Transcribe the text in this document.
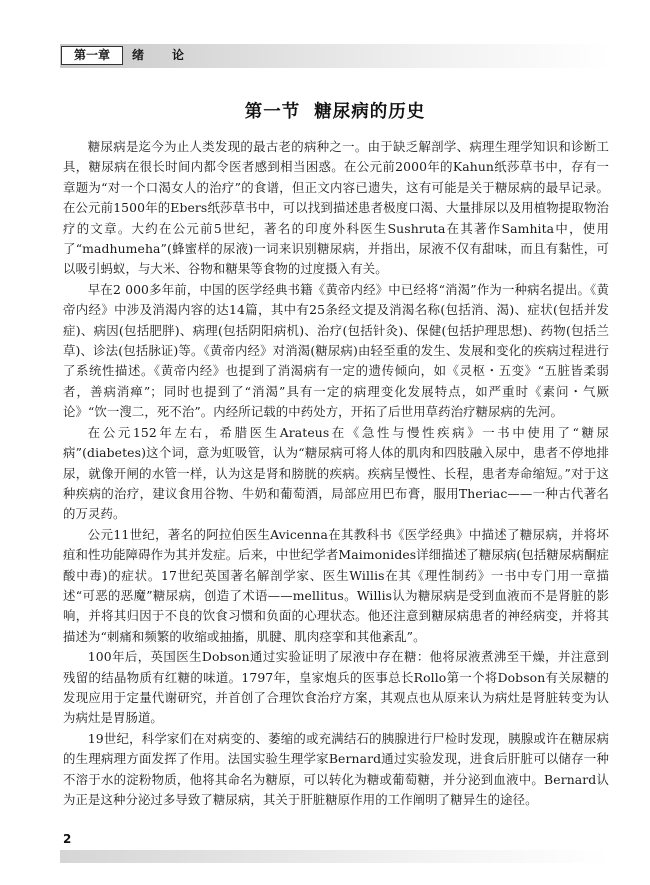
第一章	绪　论
第一节 糖尿病的历史

糖尿病是迄今为止人类发现的最古老的病种之一。由于缺乏解剖学、病理生理学知识和诊断工具，糖尿病在很长时间内都令医者感到相当困惑。在公元前2000年的Kahun纸莎草书中，存有一章题为“对一个口渴女人的治疗”的食谱，但正文内容已遗失，这有可能是关于糖尿病的最早记录。在公元前1500年的Ebers纸莎草书中，可以找到描述患者极度口渴、大量排尿以及用植物提取物治疗的文章。大约在公元前5世纪，著名的印度外科医生Sushruta在其著作Samhita中，使用了“madhumeha”(蜂蜜样的尿液)一词来识别糖尿病，并指出，尿液不仅有甜味，而且有黏性，可以吸引蚂蚁，与大米、谷物和糖果等食物的过度摄入有关。

早在2 000多年前，中国的医学经典书籍《黄帝内经》中已经将“消渴”作为一种病名提出。《黄帝内经》中涉及消渴内容的达14篇，其中有25条经文提及消渴名称(包括消、渴)、症状(包括并发症)、病因(包括肥胖)、病理(包括阴阳病机)、治疗(包括针灸)、保健(包括护理思想)、药物(包括兰草)、诊法(包括脉证)等。《黄帝内经》对消渴(糖尿病)由轻至重的发生、发展和变化的疾病过程进行了系统性描述。《黄帝内经》也提到了消渴病有一定的遗传倾向，如《灵枢・五变》“五脏皆柔弱者，善病消瘅”；同时也提到了“消渴”具有一定的病理变化发展特点，如严重时《素问・气厥论》“饮一溲二，死不治”。内经所记载的中药处方，开拓了后世用草药治疗糖尿病的先河。

在公元152年左右，希腊医生Arateus在《急性与慢性疾病》一书中使用了“糖尿病”(diabetes)这个词，意为虹吸管，认为“糖尿病可将人体的肌肉和四肢融入尿中，患者不停地排尿，就像开闸的水管一样，认为这是肾和膀胱的疾病。疾病呈慢性、长程，患者寿命缩短。”对于这种疾病的治疗，建议食用谷物、牛奶和葡萄酒，局部应用巴布膏，服用Theriac——一种古代著名的万灵药。

公元11世纪，著名的阿拉伯医生Avicenna在其教科书《医学经典》中描述了糖尿病，并将坏疽和性功能障碍作为其并发症。后来，中世纪学者Maimonides详细描述了糖尿病(包括糖尿病酮症酸中毒)的症状。17世纪英国著名解剖学家、医生Willis在其《理性制药》一书中专门用一章描述“可恶的恶魔”糖尿病，创造了术语——mellitus。Willis认为糖尿病是受到血液而不是肾脏的影响，并将其归因于不良的饮食习惯和负面的心理状态。他还注意到糖尿病患者的神经病变，并将其描述为“刺痛和频繁的收缩或抽搐，肌腱、肌肉痉挛和其他紊乱”。

100年后，英国医生Dobson通过实验证明了尿液中存在糖：他将尿液煮沸至干燥，并注意到残留的结晶物质有红糖的味道。1797年，皇家炮兵的医事总长Rollo第一个将Dobson有关尿糖的发现应用于定量代谢研究，并首创了合理饮食治疗方案，其观点也从原来认为病灶是肾脏转变为认为病灶是胃肠道。

19世纪，科学家们在对病变的、萎缩的或充满结石的胰腺进行尸检时发现，胰腺或许在糖尿病的生理病理方面发挥了作用。法国实验生理学家Bernard通过实验发现，进食后肝脏可以储存一种不溶于水的淀粉物质，他将其命名为糖原，可以转化为糖或葡萄糖，并分泌到血液中。Bernard认为正是这种分泌过多导致了糖尿病，其关于肝脏糖原作用的工作阐明了糖异生的途径。

2
